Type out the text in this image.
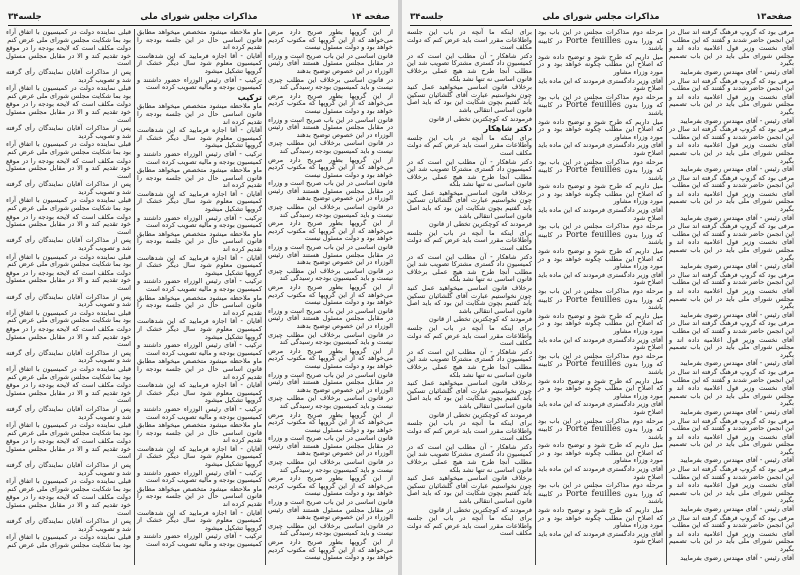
صفحه ۱۴
مذاکرات مجلس شورای ملی
جلسه۳۴

از این گروپها بطور صریح دارد مرض می‌خواهد که از این گروپها که مکتوب کردیم خواهد بود و دولت مسئول نیست

قانون اساسی در این باب صریح است و وزراء در مقابل مجلس مسئول هستند آقای رئیس الوزراء در این خصوص توضیح بدهند

در قانون اساسی برخلاف این مطلب چیزی نیست و باید کمیسیون بودجه رسیدگی کند

از این گروپها بطور صریح دارد مرض می‌خواهد که از این گروپها که مکتوب کردیم خواهد بود و دولت مسئول نیست

قانون اساسی در این باب صریح است و وزراء در مقابل مجلس مسئول هستند آقای رئیس الوزراء در این خصوص توضیح بدهند

در قانون اساسی برخلاف این مطلب چیزی نیست و باید کمیسیون بودجه رسیدگی کند

از این گروپها بطور صریح دارد مرض می‌خواهد که از این گروپها که مکتوب کردیم خواهد بود و دولت مسئول نیست

قانون اساسی در این باب صریح است و وزراء در مقابل مجلس مسئول هستند آقای رئیس الوزراء در این خصوص توضیح بدهند

در قانون اساسی برخلاف این مطلب چیزی نیست و باید کمیسیون بودجه رسیدگی کند

از این گروپها بطور صریح دارد مرض می‌خواهد که از این گروپها که مکتوب کردیم خواهد بود و دولت مسئول نیست

قانون اساسی در این باب صریح است و وزراء در مقابل مجلس مسئول هستند آقای رئیس الوزراء در این خصوص توضیح بدهند

در قانون اساسی برخلاف این مطلب چیزی نیست و باید کمیسیون بودجه رسیدگی کند

از این گروپها بطور صریح دارد مرض می‌خواهد که از این گروپها که مکتوب کردیم خواهد بود و دولت مسئول نیست

قانون اساسی در این باب صریح است و وزراء در مقابل مجلس مسئول هستند آقای رئیس الوزراء در این خصوص توضیح بدهند

در قانون اساسی برخلاف این مطلب چیزی نیست و باید کمیسیون بودجه رسیدگی کند

از این گروپها بطور صریح دارد مرض می‌خواهد که از این گروپها که مکتوب کردیم خواهد بود و دولت مسئول نیست

قانون اساسی در این باب صریح است و وزراء در مقابل مجلس مسئول هستند آقای رئیس الوزراء در این خصوص توضیح بدهند

در قانون اساسی برخلاف این مطلب چیزی نیست و باید کمیسیون بودجه رسیدگی کند

از این گروپها بطور صریح دارد مرض می‌خواهد که از این گروپها که مکتوب کردیم خواهد بود و دولت مسئول نیست

قانون اساسی در این باب صریح است و وزراء در مقابل مجلس مسئول هستند آقای رئیس الوزراء در این خصوص توضیح بدهند

در قانون اساسی برخلاف این مطلب چیزی نیست و باید کمیسیون بودجه رسیدگی کند

از این گروپها بطور صریح دارد مرض می‌خواهد که از این گروپها که مکتوب کردیم خواهد بود و دولت مسئول نیست

قانون اساسی در این باب صریح است و وزراء در مقابل مجلس مسئول هستند آقای رئیس الوزراء در این خصوص توضیح بدهند

در قانون اساسی برخلاف این مطلب چیزی نیست و باید کمیسیون بودجه رسیدگی کند

از این گروپها بطور صریح دارد مرض می‌خواهد که از این گروپها که مکتوب کردیم خواهد بود و دولت مسئول نیست

ماو ملاحظه میشود متخصص میخواهد مطابق قانون اساسی حال در این جلسه بودجه را تقدیم کرده اند

آقایان - آقا اجازه فرمایید که این شدهاست کمیسیون معلوم شود سال دیگر خشک از گروپها تشکیل میشود

ترکیب - آقای رئیس الوزراء حضور داشتند و کمیسیون بودجه و مالیه تصویب کرده است

ترکیب

ماو ملاحظه میشود متخصص میخواهد مطابق قانون اساسی حال در این جلسه بودجه را تقدیم کرده اند

آقایان - آقا اجازه فرمایید که این شدهاست کمیسیون معلوم شود سال دیگر خشک از گروپها تشکیل میشود

ترکیب - آقای رئیس الوزراء حضور داشتند و کمیسیون بودجه و مالیه تصویب کرده است

ماو ملاحظه میشود متخصص میخواهد مطابق قانون اساسی حال در این جلسه بودجه را تقدیم کرده اند

آقایان - آقا اجازه فرمایید که این شدهاست کمیسیون معلوم شود سال دیگر خشک از گروپها تشکیل میشود

ترکیب - آقای رئیس الوزراء حضور داشتند و کمیسیون بودجه و مالیه تصویب کرده است

ماو ملاحظه میشود متخصص میخواهد مطابق قانون اساسی حال در این جلسه بودجه را تقدیم کرده اند

آقایان - آقا اجازه فرمایید که این شدهاست کمیسیون معلوم شود سال دیگر خشک از گروپها تشکیل میشود

ترکیب - آقای رئیس الوزراء حضور داشتند و کمیسیون بودجه و مالیه تصویب کرده است

ماو ملاحظه میشود متخصص میخواهد مطابق قانون اساسی حال در این جلسه بودجه را تقدیم کرده اند

آقایان - آقا اجازه فرمایید که این شدهاست کمیسیون معلوم شود سال دیگر خشک از گروپها تشکیل میشود

ترکیب - آقای رئیس الوزراء حضور داشتند و کمیسیون بودجه و مالیه تصویب کرده است

ماو ملاحظه میشود متخصص میخواهد مطابق قانون اساسی حال در این جلسه بودجه را تقدیم کرده اند

آقایان - آقا اجازه فرمایید که این شدهاست کمیسیون معلوم شود سال دیگر خشک از گروپها تشکیل میشود

ترکیب - آقای رئیس الوزراء حضور داشتند و کمیسیون بودجه و مالیه تصویب کرده است

ماو ملاحظه میشود متخصص میخواهد مطابق قانون اساسی حال در این جلسه بودجه را تقدیم کرده اند

آقایان - آقا اجازه فرمایید که این شدهاست کمیسیون معلوم شود سال دیگر خشک از گروپها تشکیل میشود

ترکیب - آقای رئیس الوزراء حضور داشتند و کمیسیون بودجه و مالیه تصویب کرده است

ماو ملاحظه میشود متخصص میخواهد مطابق قانون اساسی حال در این جلسه بودجه را تقدیم کرده اند

آقایان - آقا اجازه فرمایید که این شدهاست کمیسیون معلوم شود سال دیگر خشک از گروپها تشکیل میشود

ترکیب - آقای رئیس الوزراء حضور داشتند و کمیسیون بودجه و مالیه تصویب کرده است

قبلی نماینده دولت در کمیسیون با اتفاق آراء بود بما شکایت مجلس شورای ملی عرض کنم

دولت مکلف است که لایحه بودجه را در موقع خود تقدیم کند و الا در مقابل مجلس مسئول است

پس از مذاکرات آقایان نمایندگان رأی گرفته شد و تصویب گردید

قبلی نماینده دولت در کمیسیون با اتفاق آراء بود بما شکایت مجلس شورای ملی عرض کنم

دولت مکلف است که لایحه بودجه را در موقع خود تقدیم کند و الا در مقابل مجلس مسئول است

پس از مذاکرات آقایان نمایندگان رأی گرفته شد و تصویب گردید

قبلی نماینده دولت در کمیسیون با اتفاق آراء بود بما شکایت مجلس شورای ملی عرض کنم

دولت مکلف است که لایحه بودجه را در موقع خود تقدیم کند و الا در مقابل مجلس مسئول است

پس از مذاکرات آقایان نمایندگان رأی گرفته شد و تصویب گردید

قبلی نماینده دولت در کمیسیون با اتفاق آراء بود بما شکایت مجلس شورای ملی عرض کنم

دولت مکلف است که لایحه بودجه را در موقع خود تقدیم کند و الا در مقابل مجلس مسئول است

پس از مذاکرات آقایان نمایندگان رأی گرفته شد و تصویب گردید

قبلی نماینده دولت در کمیسیون با اتفاق آراء بود بما شکایت مجلس شورای ملی عرض کنم

دولت مکلف است که لایحه بودجه را در موقع خود تقدیم کند و الا در مقابل مجلس مسئول است

پس از مذاکرات آقایان نمایندگان رأی گرفته شد و تصویب گردید

قبلی نماینده دولت در کمیسیون با اتفاق آراء بود بما شکایت مجلس شورای ملی عرض کنم

دولت مکلف است که لایحه بودجه را در موقع خود تقدیم کند و الا در مقابل مجلس مسئول است

پس از مذاکرات آقایان نمایندگان رأی گرفته شد و تصویب گردید

قبلی نماینده دولت در کمیسیون با اتفاق آراء بود بما شکایت مجلس شورای ملی عرض کنم

دولت مکلف است که لایحه بودجه را در موقع خود تقدیم کند و الا در مقابل مجلس مسئول است

پس از مذاکرات آقایان نمایندگان رأی گرفته شد و تصویب گردید

قبلی نماینده دولت در کمیسیون با اتفاق آراء بود بما شکایت مجلس شورای ملی عرض کنم

دولت مکلف است که لایحه بودجه را در موقع خود تقدیم کند و الا در مقابل مجلس مسئول است

پس از مذاکرات آقایان نمایندگان رأی گرفته شد و تصویب گردید

قبلی نماینده دولت در کمیسیون با اتفاق آراء بود بما شکایت مجلس شورای ملی عرض کنم

دولت مکلف است که لایحه بودجه را در موقع خود تقدیم کند و الا در مقابل مجلس مسئول است

پس از مذاکرات آقایان نمایندگان رأی گرفته شد و تصویب گردید

قبلی نماینده دولت در کمیسیون با اتفاق آراء بود بما شکایت مجلس شورای ملی عرض کنم

صفحه۱۳
مذاکرات مجلس شورای ملی
جلسه۳۴

مرفی بود که گروپ فرهنگ گرفته اند سال در این انجمن حاضر شدند و گفتند که این مطلب

آقای نخست وزیر قول اعلامیه داده اند و مجلس شورای ملی باید در این باب تصمیم بگیرد

آقای رئیس - آقای مهندس رضوی بفرمایید

مرفی بود که گروپ فرهنگ گرفته اند سال در این انجمن حاضر شدند و گفتند که این مطلب

آقای نخست وزیر قول اعلامیه داده اند و مجلس شورای ملی باید در این باب تصمیم بگیرد

آقای رئیس - آقای مهندس رضوی بفرمایید

مرفی بود که گروپ فرهنگ گرفته اند سال در این انجمن حاضر شدند و گفتند که این مطلب

آقای نخست وزیر قول اعلامیه داده اند و مجلس شورای ملی باید در این باب تصمیم بگیرد

آقای رئیس - آقای مهندس رضوی بفرمایید

مرفی بود که گروپ فرهنگ گرفته اند سال در این انجمن حاضر شدند و گفتند که این مطلب

آقای نخست وزیر قول اعلامیه داده اند و مجلس شورای ملی باید در این باب تصمیم بگیرد

آقای رئیس - آقای مهندس رضوی بفرمایید

مرفی بود که گروپ فرهنگ گرفته اند سال در این انجمن حاضر شدند و گفتند که این مطلب

آقای نخست وزیر قول اعلامیه داده اند و مجلس شورای ملی باید در این باب تصمیم بگیرد

آقای رئیس - آقای مهندس رضوی بفرمایید

مرفی بود که گروپ فرهنگ گرفته اند سال در این انجمن حاضر شدند و گفتند که این مطلب

آقای نخست وزیر قول اعلامیه داده اند و مجلس شورای ملی باید در این باب تصمیم بگیرد

آقای رئیس - آقای مهندس رضوی بفرمایید

مرفی بود که گروپ فرهنگ گرفته اند سال در این انجمن حاضر شدند و گفتند که این مطلب

آقای نخست وزیر قول اعلامیه داده اند و مجلس شورای ملی باید در این باب تصمیم بگیرد

آقای رئیس - آقای مهندس رضوی بفرمایید

مرفی بود که گروپ فرهنگ گرفته اند سال در این انجمن حاضر شدند و گفتند که این مطلب

آقای نخست وزیر قول اعلامیه داده اند و مجلس شورای ملی باید در این باب تصمیم بگیرد

آقای رئیس - آقای مهندس رضوی بفرمایید

مرفی بود که گروپ فرهنگ گرفته اند سال در این انجمن حاضر شدند و گفتند که این مطلب

آقای نخست وزیر قول اعلامیه داده اند و مجلس شورای ملی باید در این باب تصمیم بگیرد

آقای رئیس - آقای مهندس رضوی بفرمایید

مرفی بود که گروپ فرهنگ گرفته اند سال در این انجمن حاضر شدند و گفتند که این مطلب

آقای نخست وزیر قول اعلامیه داده اند و مجلس شورای ملی باید در این باب تصمیم بگیرد

آقای رئیس - آقای مهندس رضوی بفرمایید

مرفی بود که گروپ فرهنگ گرفته اند سال در این انجمن حاضر شدند و گفتند که این مطلب

آقای نخست وزیر قول اعلامیه داده اند و مجلس شورای ملی باید در این باب تصمیم بگیرد

آقای رئیس - آقای مهندس رضوی بفرمایید

مرحله دوم مذاکرات مجلس در این باب بود که وزرا بدون Porte feuilles در کابینه باشند

میل داریم که طرح شود و توضیح داده شود که اصلاح این مطلب چگونه خواهد بود و در مورد وزراء مشاور

آقای وزیر دادگستری فرمودند که این ماده باید اصلاح شود

مرحله دوم مذاکرات مجلس در این باب بود که وزرا بدون Porte feuilles در کابینه باشند

میل داریم که طرح شود و توضیح داده شود که اصلاح این مطلب چگونه خواهد بود و در مورد وزراء مشاور

آقای وزیر دادگستری فرمودند که این ماده باید اصلاح شود

مرحله دوم مذاکرات مجلس در این باب بود که وزرا بدون Porte feuilles در کابینه باشند

میل داریم که طرح شود و توضیح داده شود که اصلاح این مطلب چگونه خواهد بود و در مورد وزراء مشاور

آقای وزیر دادگستری فرمودند که این ماده باید اصلاح شود

مرحله دوم مذاکرات مجلس در این باب بود که وزرا بدون Porte feuilles در کابینه باشند

میل داریم که طرح شود و توضیح داده شود که اصلاح این مطلب چگونه خواهد بود و در مورد وزراء مشاور

آقای وزیر دادگستری فرمودند که این ماده باید اصلاح شود

مرحله دوم مذاکرات مجلس در این باب بود که وزرا بدون Porte feuilles در کابینه باشند

میل داریم که طرح شود و توضیح داده شود که اصلاح این مطلب چگونه خواهد بود و در مورد وزراء مشاور

آقای وزیر دادگستری فرمودند که این ماده باید اصلاح شود

مرحله دوم مذاکرات مجلس در این باب بود که وزرا بدون Porte feuilles در کابینه باشند

میل داریم که طرح شود و توضیح داده شود که اصلاح این مطلب چگونه خواهد بود و در مورد وزراء مشاور

آقای وزیر دادگستری فرمودند که این ماده باید اصلاح شود

مرحله دوم مذاکرات مجلس در این باب بود که وزرا بدون Porte feuilles در کابینه باشند

میل داریم که طرح شود و توضیح داده شود که اصلاح این مطلب چگونه خواهد بود و در مورد وزراء مشاور

آقای وزیر دادگستری فرمودند که این ماده باید اصلاح شود

مرحله دوم مذاکرات مجلس در این باب بود که وزرا بدون Porte feuilles در کابینه باشند

میل داریم که طرح شود و توضیح داده شود که اصلاح این مطلب چگونه خواهد بود و در مورد وزراء مشاور

آقای وزیر دادگستری فرمودند که این ماده باید اصلاح شود

برای اینکه ما آنچه در باب این جلسه واطلاعات مقرر است باید عرض کنم که دولت مکلف است

دکتر شاهکار - آن مطلب این است که در کمیسیون داد گستری مشترکا تصویب شد این مطلب آنجا طرح شد هیچ عملی برخلاف قانون اساسی نه تنها نشد بلکه

برخلاف قانون اساسی میخواهید عمل کنید چون نخواستیم عبارت آقای گلشائیان تسکین یابد گفتیم بچون شکایت این بود که باید اصل قانون اساسی انتقالی باشد

فرمودند که کوچکترین تخطی از قانون

دکتر شاهکار

برای اینکه ما آنچه در باب این جلسه واطلاعات مقرر است باید عرض کنم که دولت مکلف است

دکتر شاهکار - آن مطلب این است که در کمیسیون داد گستری مشترکا تصویب شد این مطلب آنجا طرح شد هیچ عملی برخلاف قانون اساسی نه تنها نشد بلکه

برخلاف قانون اساسی میخواهید عمل کنید چون نخواستیم عبارت آقای گلشائیان تسکین یابد گفتیم بچون شکایت این بود که باید اصل قانون اساسی انتقالی باشد

فرمودند که کوچکترین تخطی از قانون

برای اینکه ما آنچه در باب این جلسه واطلاعات مقرر است باید عرض کنم که دولت مکلف است

دکتر شاهکار - آن مطلب این است که در کمیسیون داد گستری مشترکا تصویب شد این مطلب آنجا طرح شد هیچ عملی برخلاف قانون اساسی نه تنها نشد بلکه

برخلاف قانون اساسی میخواهید عمل کنید چون نخواستیم عبارت آقای گلشائیان تسکین یابد گفتیم بچون شکایت این بود که باید اصل قانون اساسی انتقالی باشد

فرمودند که کوچکترین تخطی از قانون

برای اینکه ما آنچه در باب این جلسه واطلاعات مقرر است باید عرض کنم که دولت مکلف است

دکتر شاهکار - آن مطلب این است که در کمیسیون داد گستری مشترکا تصویب شد این مطلب آنجا طرح شد هیچ عملی برخلاف قانون اساسی نه تنها نشد بلکه

برخلاف قانون اساسی میخواهید عمل کنید چون نخواستیم عبارت آقای گلشائیان تسکین یابد گفتیم بچون شکایت این بود که باید اصل قانون اساسی انتقالی باشد

فرمودند که کوچکترین تخطی از قانون

برای اینکه ما آنچه در باب این جلسه واطلاعات مقرر است باید عرض کنم که دولت مکلف است

دکتر شاهکار - آن مطلب این است که در کمیسیون داد گستری مشترکا تصویب شد این مطلب آنجا طرح شد هیچ عملی برخلاف قانون اساسی نه تنها نشد بلکه

برخلاف قانون اساسی میخواهید عمل کنید چون نخواستیم عبارت آقای گلشائیان تسکین یابد گفتیم بچون شکایت این بود که باید اصل قانون اساسی انتقالی باشد

فرمودند که کوچکترین تخطی از قانون

برای اینکه ما آنچه در باب این جلسه واطلاعات مقرر است باید عرض کنم که دولت مکلف است
